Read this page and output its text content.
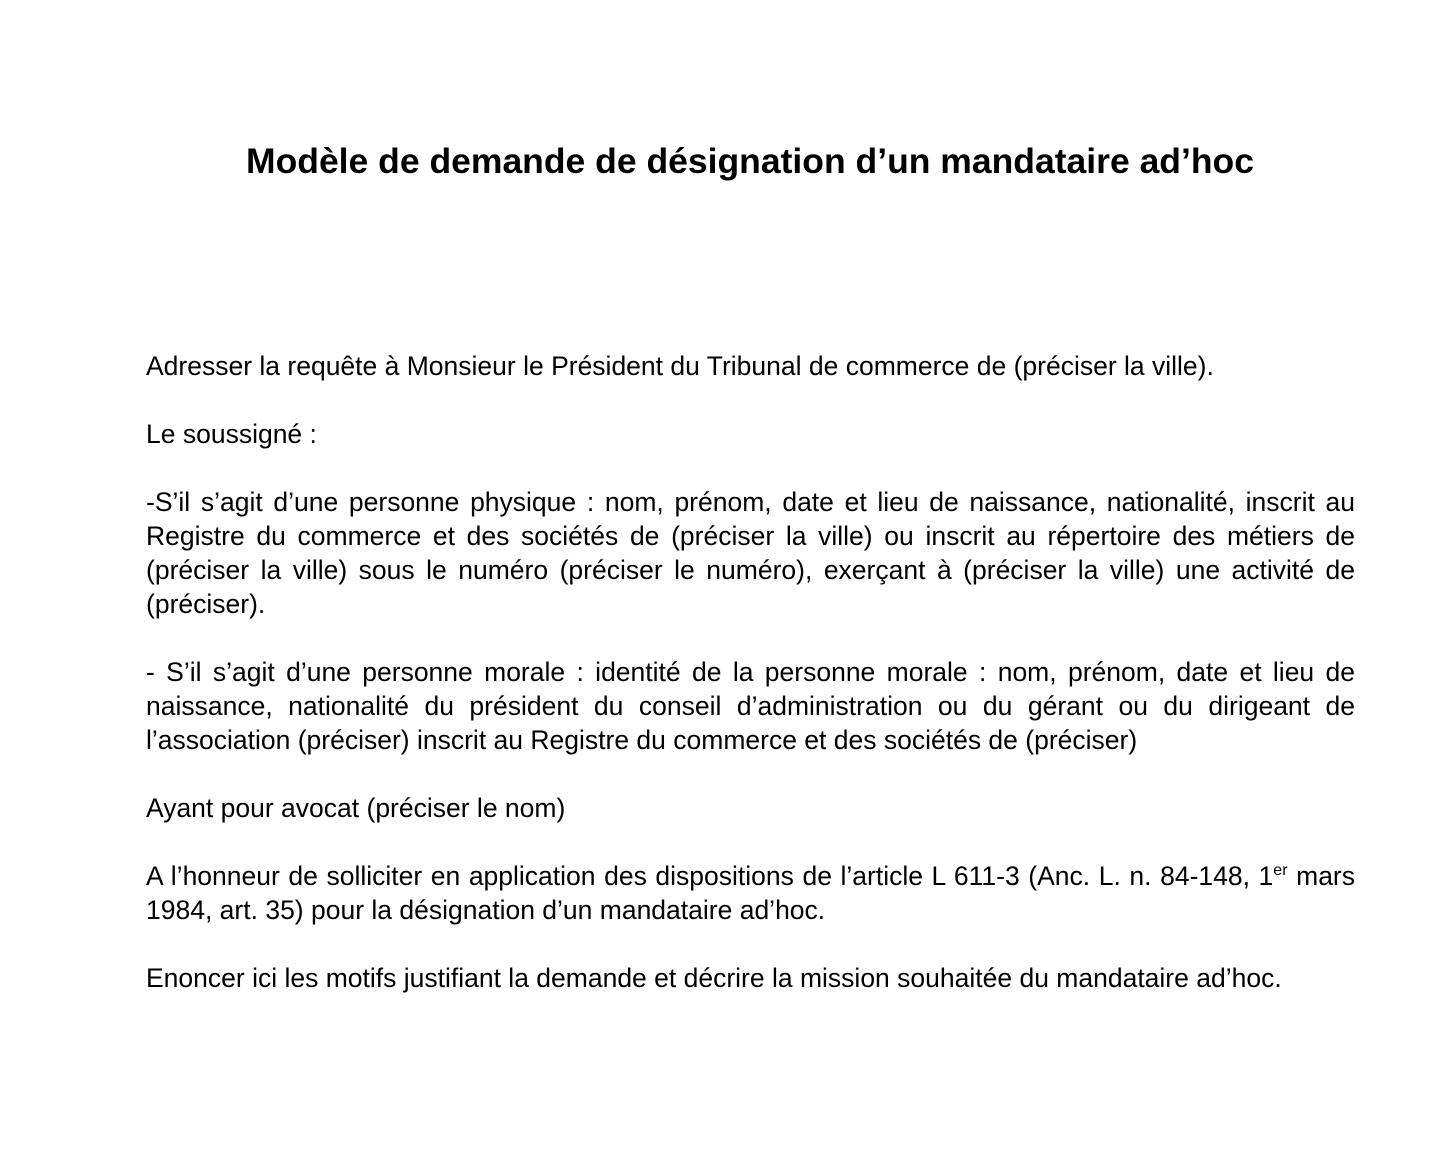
Modèle de demande de désignation d’un mandataire ad’hoc

Adresser la requête à Monsieur le Président du Tribunal de commerce de (préciser la ville).

Le soussigné :

-S’il s’agit d’une personne physique : nom, prénom, date et lieu de naissance, nationalité, inscrit au Registre du commerce et des sociétés de (préciser la ville) ou inscrit au répertoire des métiers de (préciser la ville) sous le numéro (préciser le numéro), exerçant à (préciser la ville) une activité de (préciser).

- S’il s’agit d’une personne morale : identité de la personne morale : nom, prénom, date et lieu de naissance, nationalité du président du conseil d’administration ou du gérant ou du dirigeant de l’association (préciser) inscrit au Registre du commerce et des sociétés de (préciser)

Ayant pour avocat (préciser le nom)

A l’honneur de solliciter en application des dispositions de l’article L 611-3 (Anc. L. n. 84-148, 1er mars 1984, art. 35) pour la désignation d’un mandataire ad’hoc.

Enoncer ici les motifs justifiant la demande et décrire la mission souhaitée du mandataire ad’hoc.
